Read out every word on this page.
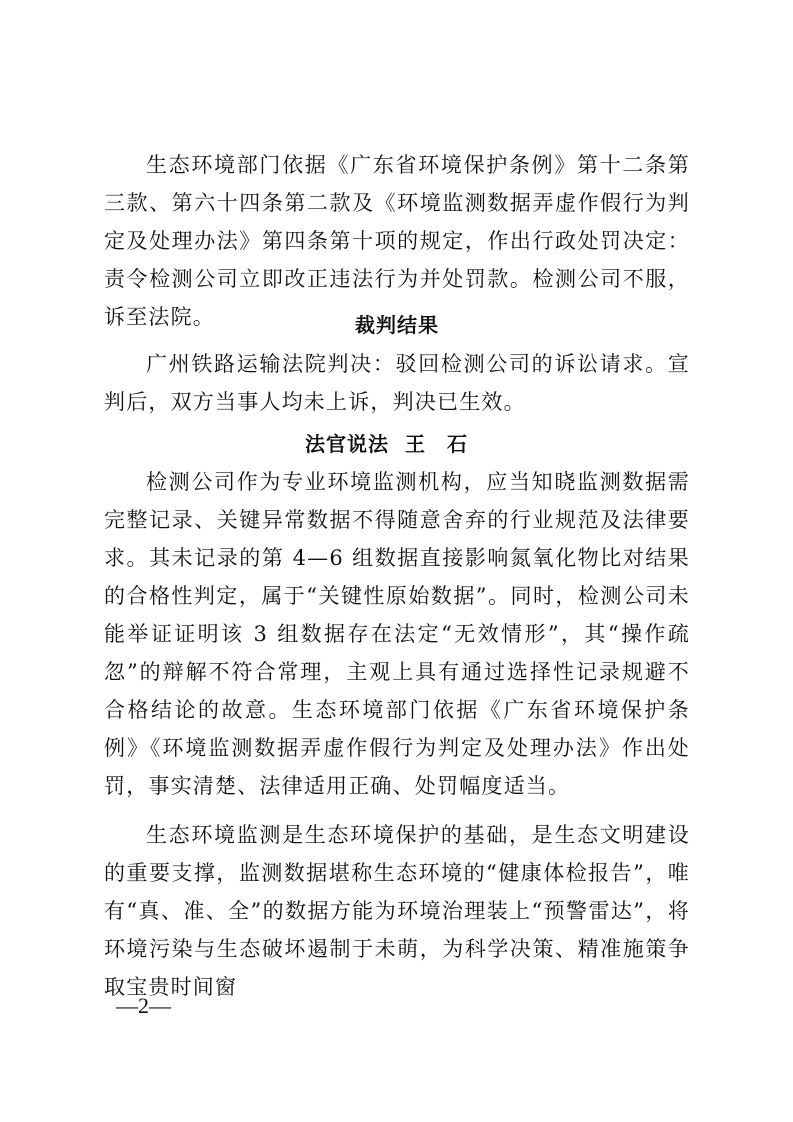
生态环境部门依据《广东省环境保护条例》第十二条第三款、第六十四条第二款及《环境监测数据弄虚作假行为判定及处理办法》第四条第十项的规定，作出行政处罚决定：责令检测公司立即改正违法行为并处罚款。检测公司不服，诉至法院。	裁判结果

广州铁路运输法院判决：驳回检测公司的诉讼请求。宣判后，双方当事人均未上诉，判决已生效。

法官说法 王石

检测公司作为专业环境监测机构，应当知晓监测数据需完整记录、关键异常数据不得随意舍弃的行业规范及法律要求。其未记录的第 4—6 组数据直接影响氮氧化物比对结果的合格性判定，属于“关键性原始数据”。同时，检测公司未能举证证明该 3 组数据存在法定“无效情形”，其“操作疏忽”的辩解不符合常理，主观上具有通过选择性记录规避不合格结论的故意。生态环境部门依据《广东省环境保护条例》《环境监测数据弄虚作假行为判定及处理办法》作出处罚，事实清楚、法律适用正确、处罚幅度适当。

生态环境监测是生态环境保护的基础，是生态文明建设的重要支撑，监测数据堪称生态环境的“健康体检报告”，唯有“真、准、全”的数据方能为环境治理装上“预警雷达”，将环境污染与生态破坏遏制于未萌，为科学决策、精准施策争取宝贵时间窗

—2—
